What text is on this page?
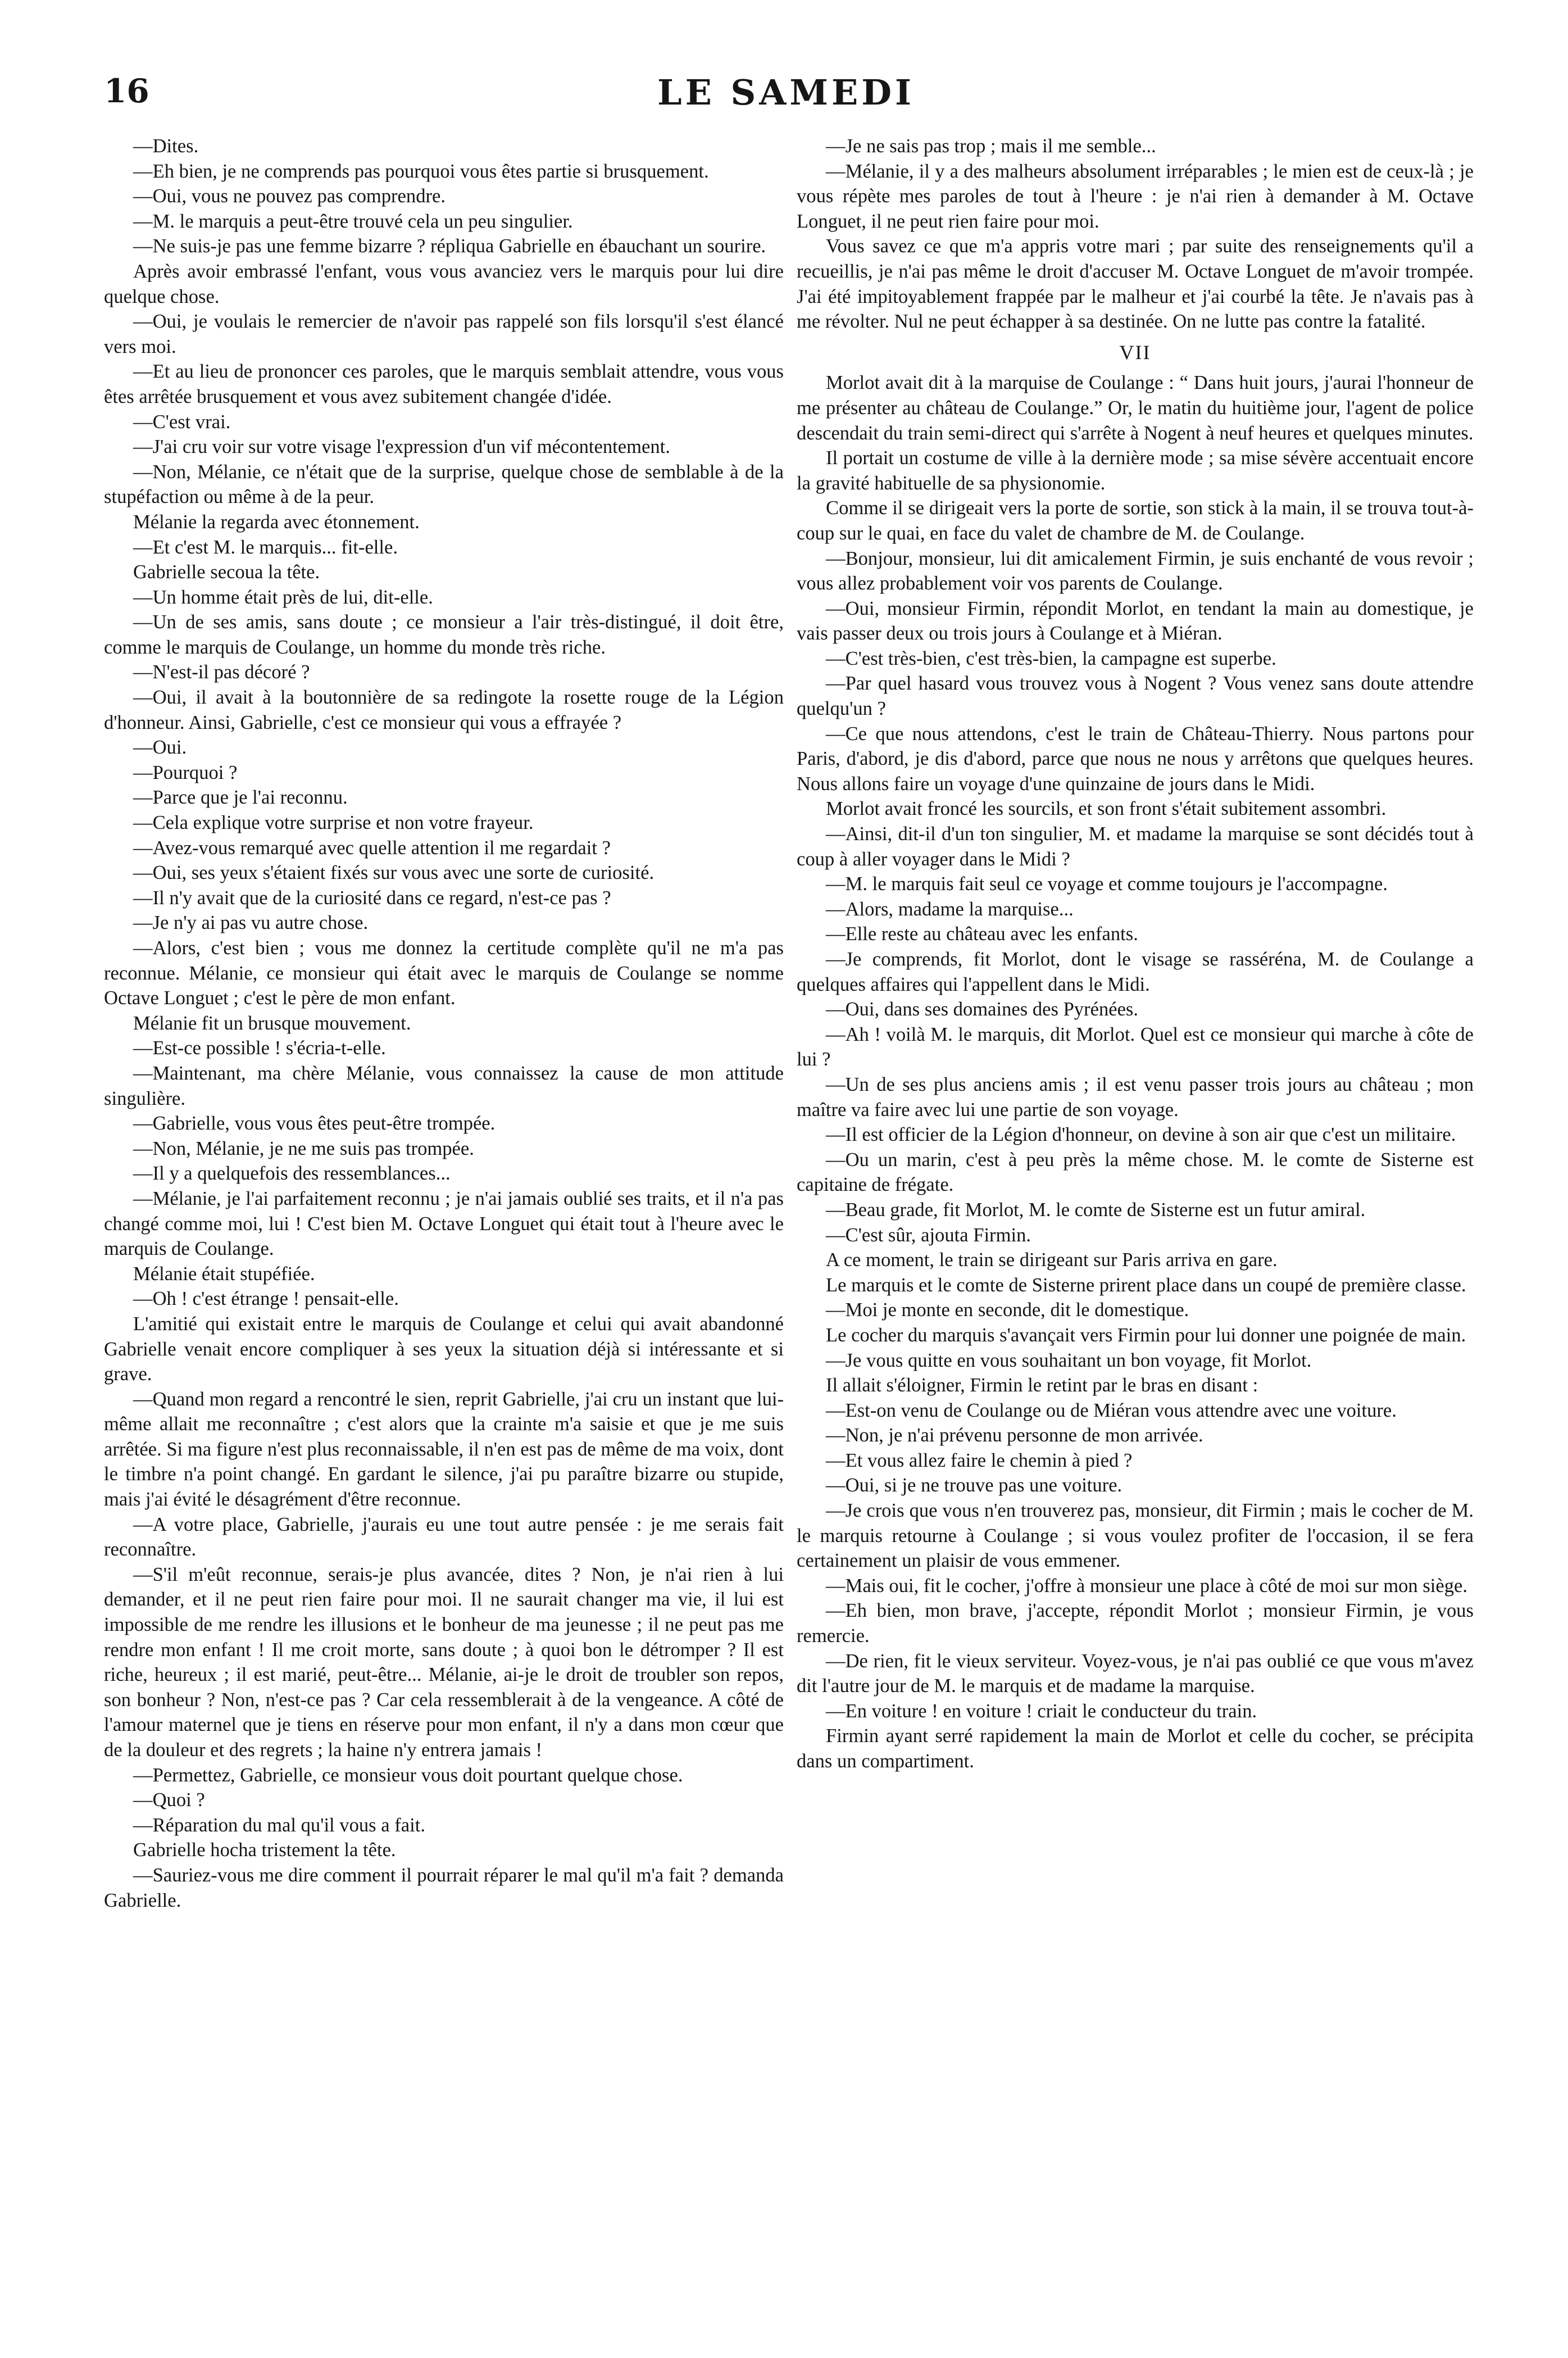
16	LE SAMEDI

—Dites.

—Eh bien, je ne comprends pas pourquoi vous êtes partie si brusquement.

—Oui, vous ne pouvez pas comprendre.

—M. le marquis a peut-être trouvé cela un peu singulier.

—Ne suis-je pas une femme bizarre ? répliqua Gabrielle en ébauchant un sourire.

Après avoir embrassé l'enfant, vous vous avanciez vers le marquis pour lui dire quelque chose.

—Oui, je voulais le remercier de n'avoir pas rappelé son fils lorsqu'il s'est élancé vers moi.

—Et au lieu de prononcer ces paroles, que le marquis semblait attendre, vous vous êtes arrêtée brusquement et vous avez subitement changée d'idée.

—C'est vrai.

—J'ai cru voir sur votre visage l'expression d'un vif mécontentement.

—Non, Mélanie, ce n'était que de la surprise, quelque chose de semblable à de la stupéfaction ou même à de la peur.

Mélanie la regarda avec étonnement.

—Et c'est M. le marquis... fit-elle.

Gabrielle secoua la tête.

—Un homme était près de lui, dit-elle.

—Un de ses amis, sans doute ; ce monsieur a l'air très-distingué, il doit être, comme le marquis de Coulange, un homme du monde très riche.

—N'est-il pas décoré ?

—Oui, il avait à la boutonnière de sa redingote la rosette rouge de la Légion d'honneur. Ainsi, Gabrielle, c'est ce monsieur qui vous a effrayée ?

—Oui.

—Pourquoi ?

—Parce que je l'ai reconnu.

—Cela explique votre surprise et non votre frayeur.

—Avez-vous remarqué avec quelle attention il me regardait ?

—Oui, ses yeux s'étaient fixés sur vous avec une sorte de curiosité.

—Il n'y avait que de la curiosité dans ce regard, n'est-ce pas ?

—Je n'y ai pas vu autre chose.

—Alors, c'est bien ; vous me donnez la certitude complète qu'il ne m'a pas reconnue. Mélanie, ce monsieur qui était avec le marquis de Coulange se nomme Octave Longuet ; c'est le père de mon enfant.

Mélanie fit un brusque mouvement.

—Est-ce possible ! s'écria-t-elle.

—Maintenant, ma chère Mélanie, vous connaissez la cause de mon attitude singulière.

—Gabrielle, vous vous êtes peut-être trompée.

—Non, Mélanie, je ne me suis pas trompée.

—Il y a quelquefois des ressemblances...

—Mélanie, je l'ai parfaitement reconnu ; je n'ai jamais oublié ses traits, et il n'a pas changé comme moi, lui ! C'est bien M. Octave Longuet qui était tout à l'heure avec le marquis de Coulange.

Mélanie était stupéfiée.

—Oh ! c'est étrange ! pensait-elle.

L'amitié qui existait entre le marquis de Coulange et celui qui avait abandonné Gabrielle venait encore compliquer à ses yeux la situation déjà si intéressante et si grave.

—Quand mon regard a rencontré le sien, reprit Gabrielle, j'ai cru un instant que lui-même allait me reconnaître ; c'est alors que la crainte m'a saisie et que je me suis arrêtée. Si ma figure n'est plus reconnaissable, il n'en est pas de même de ma voix, dont le timbre n'a point changé. En gardant le silence, j'ai pu paraître bizarre ou stupide, mais j'ai évité le désagrément d'être reconnue.

—A votre place, Gabrielle, j'aurais eu une tout autre pensée : je me serais fait reconnaître.

—S'il m'eût reconnue, serais-je plus avancée, dites ? Non, je n'ai rien à lui demander, et il ne peut rien faire pour moi. Il ne saurait changer ma vie, il lui est impossible de me rendre les illusions et le bonheur de ma jeunesse ; il ne peut pas me rendre mon enfant ! Il me croit morte, sans doute ; à quoi bon le détromper ? Il est riche, heureux ; il est marié, peut-être... Mélanie, ai-je le droit de troubler son repos, son bonheur ? Non, n'est-ce pas ? Car cela ressemblerait à de la vengeance. A côté de l'amour maternel que je tiens en réserve pour mon enfant, il n'y a dans mon cœur que de la douleur et des regrets ; la haine n'y entrera jamais !

—Permettez, Gabrielle, ce monsieur vous doit pourtant quelque chose.

—Quoi ?

—Réparation du mal qu'il vous a fait.

Gabrielle hocha tristement la tête.

—Sauriez-vous me dire comment il pourrait réparer le mal qu'il m'a fait ? demanda Gabrielle.

—Je ne sais pas trop ; mais il me semble...

—Mélanie, il y a des malheurs absolument irréparables ; le mien est de ceux-là ; je vous répète mes paroles de tout à l'heure : je n'ai rien à demander à M. Octave Longuet, il ne peut rien faire pour moi.

Vous savez ce que m'a appris votre mari ; par suite des renseignements qu'il a recueillis, je n'ai pas même le droit d'accuser M. Octave Longuet de m'avoir trompée. J'ai été impitoyablement frappée par le malheur et j'ai courbé la tête. Je n'avais pas à me révolter. Nul ne peut échapper à sa destinée. On ne lutte pas contre la fatalité.

VII

Morlot avait dit à la marquise de Coulange : “ Dans huit jours, j'aurai l'honneur de me présenter au château de Coulange.” Or, le matin du huitième jour, l'agent de police descendait du train semi-direct qui s'arrête à Nogent à neuf heures et quelques minutes.

Il portait un costume de ville à la dernière mode ; sa mise sévère accentuait encore la gravité habituelle de sa physionomie.

Comme il se dirigeait vers la porte de sortie, son stick à la main, il se trouva tout-à-coup sur le quai, en face du valet de chambre de M. de Coulange.

—Bonjour, monsieur, lui dit amicalement Firmin, je suis enchanté de vous revoir ; vous allez probablement voir vos parents de Coulange.

—Oui, monsieur Firmin, répondit Morlot, en tendant la main au domestique, je vais passer deux ou trois jours à Coulange et à Miéran.

—C'est très-bien, c'est très-bien, la campagne est superbe.

—Par quel hasard vous trouvez vous à Nogent ? Vous venez sans doute attendre quelqu'un ?

—Ce que nous attendons, c'est le train de Château-Thierry. Nous partons pour Paris, d'abord, je dis d'abord, parce que nous ne nous y arrêtons que quelques heures. Nous allons faire un voyage d'une quinzaine de jours dans le Midi.

Morlot avait froncé les sourcils, et son front s'était subitement assombri.

—Ainsi, dit-il d'un ton singulier, M. et madame la marquise se sont décidés tout à coup à aller voyager dans le Midi ?

—M. le marquis fait seul ce voyage et comme toujours je l'accompagne.

—Alors, madame la marquise...

—Elle reste au château avec les enfants.

—Je comprends, fit Morlot, dont le visage se rasséréna, M. de Coulange a quelques affaires qui l'appellent dans le Midi.

—Oui, dans ses domaines des Pyrénées.

—Ah ! voilà M. le marquis, dit Morlot. Quel est ce monsieur qui marche à côte de lui ?

—Un de ses plus anciens amis ; il est venu passer trois jours au château ; mon maître va faire avec lui une partie de son voyage.

—Il est officier de la Légion d'honneur, on devine à son air que c'est un militaire.

—Ou un marin, c'est à peu près la même chose. M. le comte de Sisterne est capitaine de frégate.

—Beau grade, fit Morlot, M. le comte de Sisterne est un futur amiral.

—C'est sûr, ajouta Firmin.

A ce moment, le train se dirigeant sur Paris arriva en gare.

Le marquis et le comte de Sisterne prirent place dans un coupé de première classe.

—Moi je monte en seconde, dit le domestique.

Le cocher du marquis s'avançait vers Firmin pour lui donner une poignée de main.

—Je vous quitte en vous souhaitant un bon voyage, fit Morlot.

Il allait s'éloigner, Firmin le retint par le bras en disant :

—Est-on venu de Coulange ou de Miéran vous attendre avec une voiture.

—Non, je n'ai prévenu personne de mon arrivée.

—Et vous allez faire le chemin à pied ?

—Oui, si je ne trouve pas une voiture.

—Je crois que vous n'en trouverez pas, monsieur, dit Firmin ; mais le cocher de M. le marquis retourne à Coulange ; si vous voulez profiter de l'occasion, il se fera certainement un plaisir de vous emmener.

—Mais oui, fit le cocher, j'offre à monsieur une place à côté de moi sur mon siège.

—Eh bien, mon brave, j'accepte, répondit Morlot ; monsieur Firmin, je vous remercie.

—De rien, fit le vieux serviteur. Voyez-vous, je n'ai pas oublié ce que vous m'avez dit l'autre jour de M. le marquis et de madame la marquise.

—En voiture ! en voiture ! criait le conducteur du train.

Firmin ayant serré rapidement la main de Morlot et celle du cocher, se précipita dans un compartiment.
